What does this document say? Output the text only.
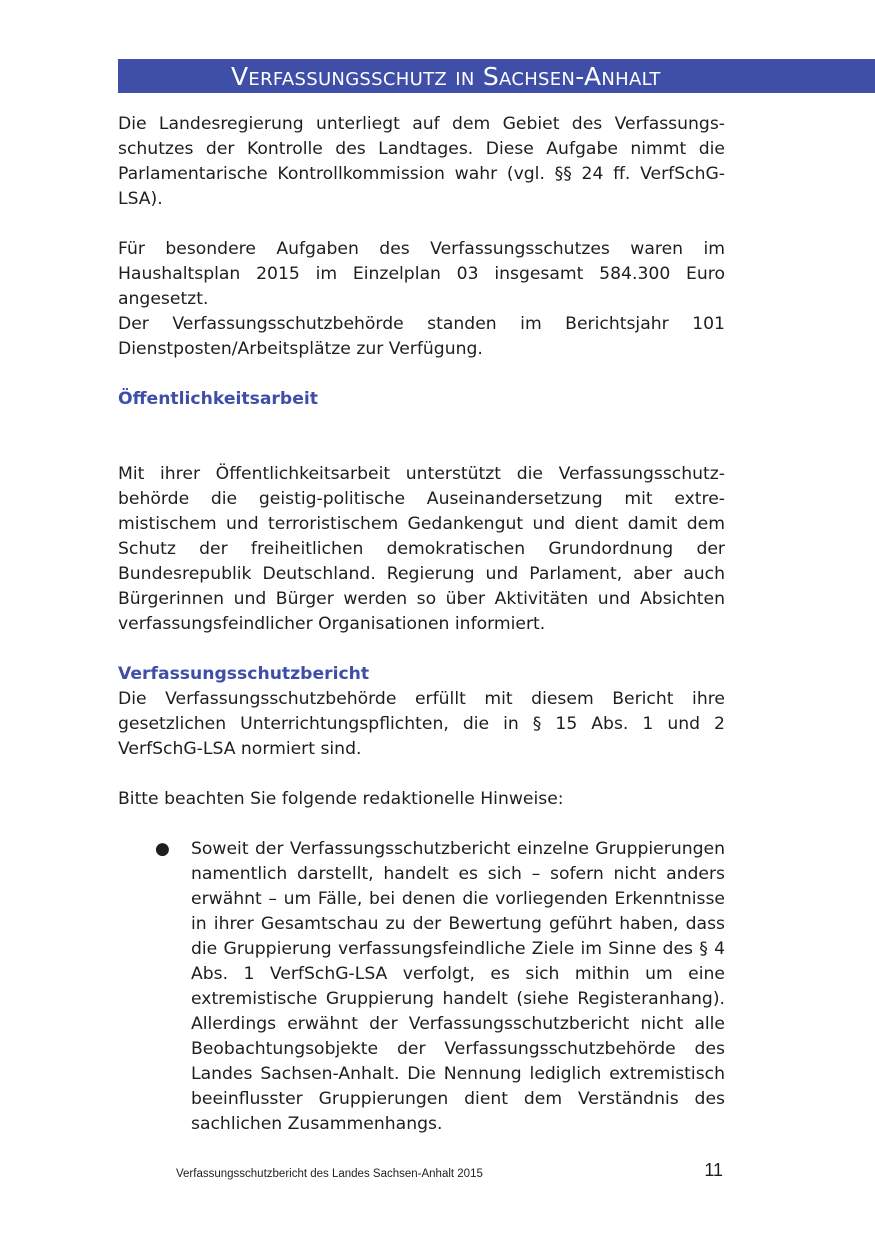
Verfassungsschutz in Sachsen-Anhalt

Die Landesregierung unterliegt auf dem Gebiet des Verfassungsschutzes der Kontrolle des Landtages. Diese Aufgabe nimmt die Parlamentarische Kontrollkommission wahr (vgl. §§ 24 ff. VerfSchG-LSA).

Für besondere Aufgaben des Verfassungsschutzes waren im Haushaltsplan 2015 im Einzelplan 03 insgesamt 584.300 Euro angesetzt.

Der Verfassungsschutzbehörde standen im Berichtsjahr 101 Dienstposten/Arbeitsplätze zur Verfügung.

Öffentlichkeitsarbeit

Mit ihrer Öffentlichkeitsarbeit unterstützt die Verfassungsschutzbehörde die geistig-politische Auseinandersetzung mit extremistischem und terroristischem Gedankengut und dient damit dem Schutz der freiheitlichen demokratischen Grundordnung der Bundesrepublik Deutschland. Regierung und Parlament, aber auch Bürgerinnen und Bürger werden so über Aktivitäten und Absichten verfassungsfeindlicher Organisationen informiert.

Verfassungsschutzbericht

Die Verfassungsschutzbehörde erfüllt mit diesem Bericht ihre gesetzlichen Unterrichtungspflichten, die in § 15 Abs. 1 und 2 VerfSchG-LSA normiert sind.

Bitte beachten Sie folgende redaktionelle Hinweise:

● Soweit der Verfassungsschutzbericht einzelne Gruppierungen namentlich darstellt, handelt es sich – sofern nicht anders erwähnt – um Fälle, bei denen die vorliegenden Erkenntnisse in ihrer Gesamtschau zu der Bewertung geführt haben, dass die Gruppierung verfassungsfeindliche Ziele im Sinne des § 4 Abs. 1 VerfSchG-LSA verfolgt, es sich mithin um eine extremistische Gruppierung handelt (siehe Registeranhang). Allerdings erwähnt der Verfassungsschutzbericht nicht alle Beobachtungsobjekte der Verfassungsschutzbehörde des Landes Sachsen-Anhalt. Die Nennung lediglich extremistisch beeinflusster Gruppierungen dient dem Verständnis des sachlichen Zusammenhangs.

Verfassungsschutzbericht des Landes Sachsen-Anhalt 2015	11
